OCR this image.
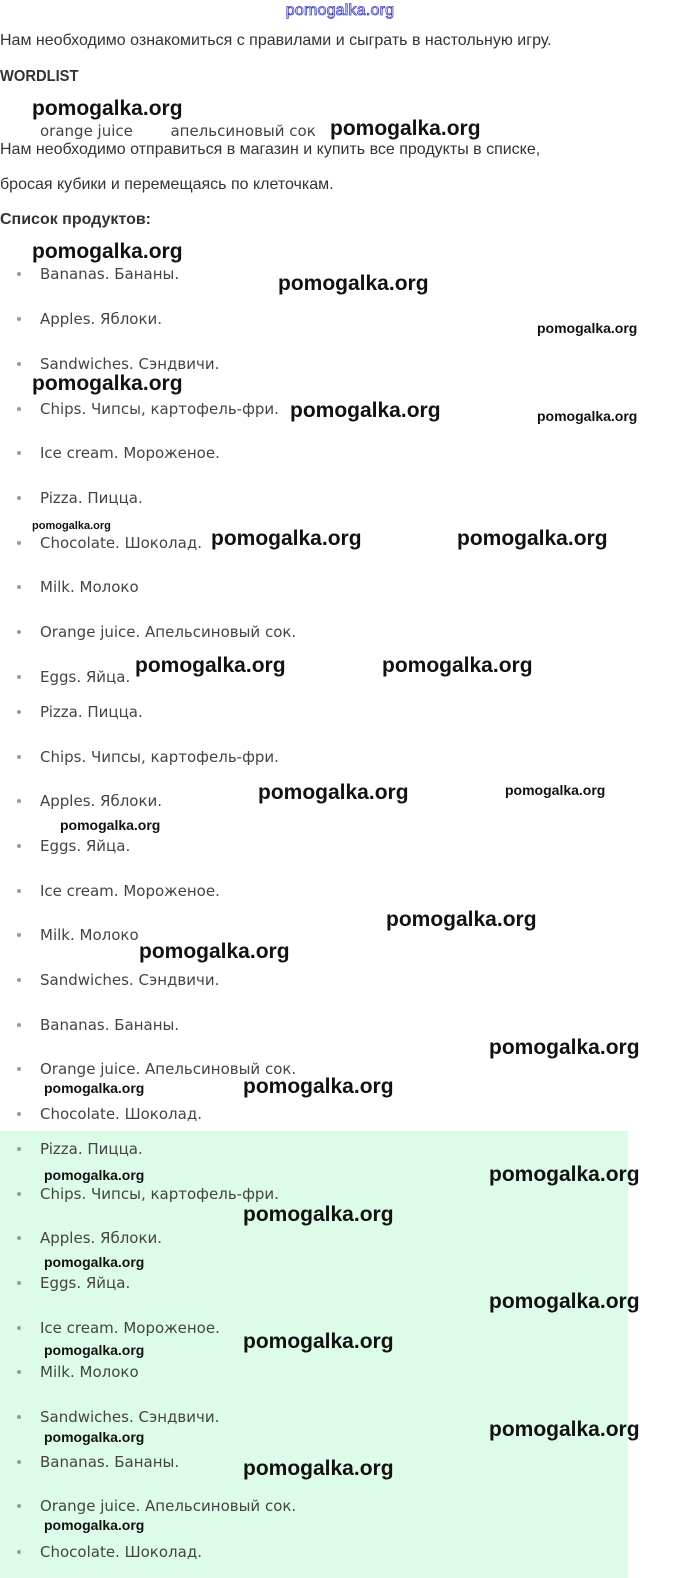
pomogalka.org
Нам необходимо ознакомиться с правилами и сыграть в настольную игру.
WORDLIST
orange juice	апельсиновый сок
Нам необходимо отправиться в магазин и купить все продукты в списке,
бросая кубики и перемещаясь по клеточкам.
Список продуктов:
Bananas. Бананы.
Apples. Яблоки.
Sandwiches. Сэндвичи.
Chips. Чипсы, картофель-фри.
Ice cream. Мороженое.
Pizza. Пицца.
Chocolate. Шоколад.
Milk. Молоко
Orange juice. Апельсиновый сок.
Eggs. Яйца.
Pizza. Пицца.
Chips. Чипсы, картофель-фри.
Apples. Яблоки.
Eggs. Яйца.
Ice cream. Мороженое.
Milk. Молоко
Sandwiches. Сэндвичи.
Bananas. Бананы.
Orange juice. Апельсиновый сок.
Chocolate. Шоколад.
Pizza. Пицца.
Chips. Чипсы, картофель-фри.
Apples. Яблоки.
Eggs. Яйца.
Ice cream. Мороженое.
Milk. Молоко
Sandwiches. Сэндвичи.
Bananas. Бананы.
Orange juice. Апельсиновый сок.
Chocolate. Шоколад.
pomogalka.org
pomogalka.org
pomogalka.org
pomogalka.org
pomogalka.org
pomogalka.org
pomogalka.org	pomogalka.org
pomogalka.org
pomogalka.org	pomogalka.org
pomogalka.org	pomogalka.org
pomogalka.org	pomogalka.org
pomogalka.org
pomogalka.org
pomogalka.org
pomogalka.org
pomogalka.org	pomogalka.org
pomogalka.org	pomogalka.org
pomogalka.org
pomogalka.org
pomogalka.org
pomogalka.org	pomogalka.org
pomogalka.org	pomogalka.org
pomogalka.org
pomogalka.org
